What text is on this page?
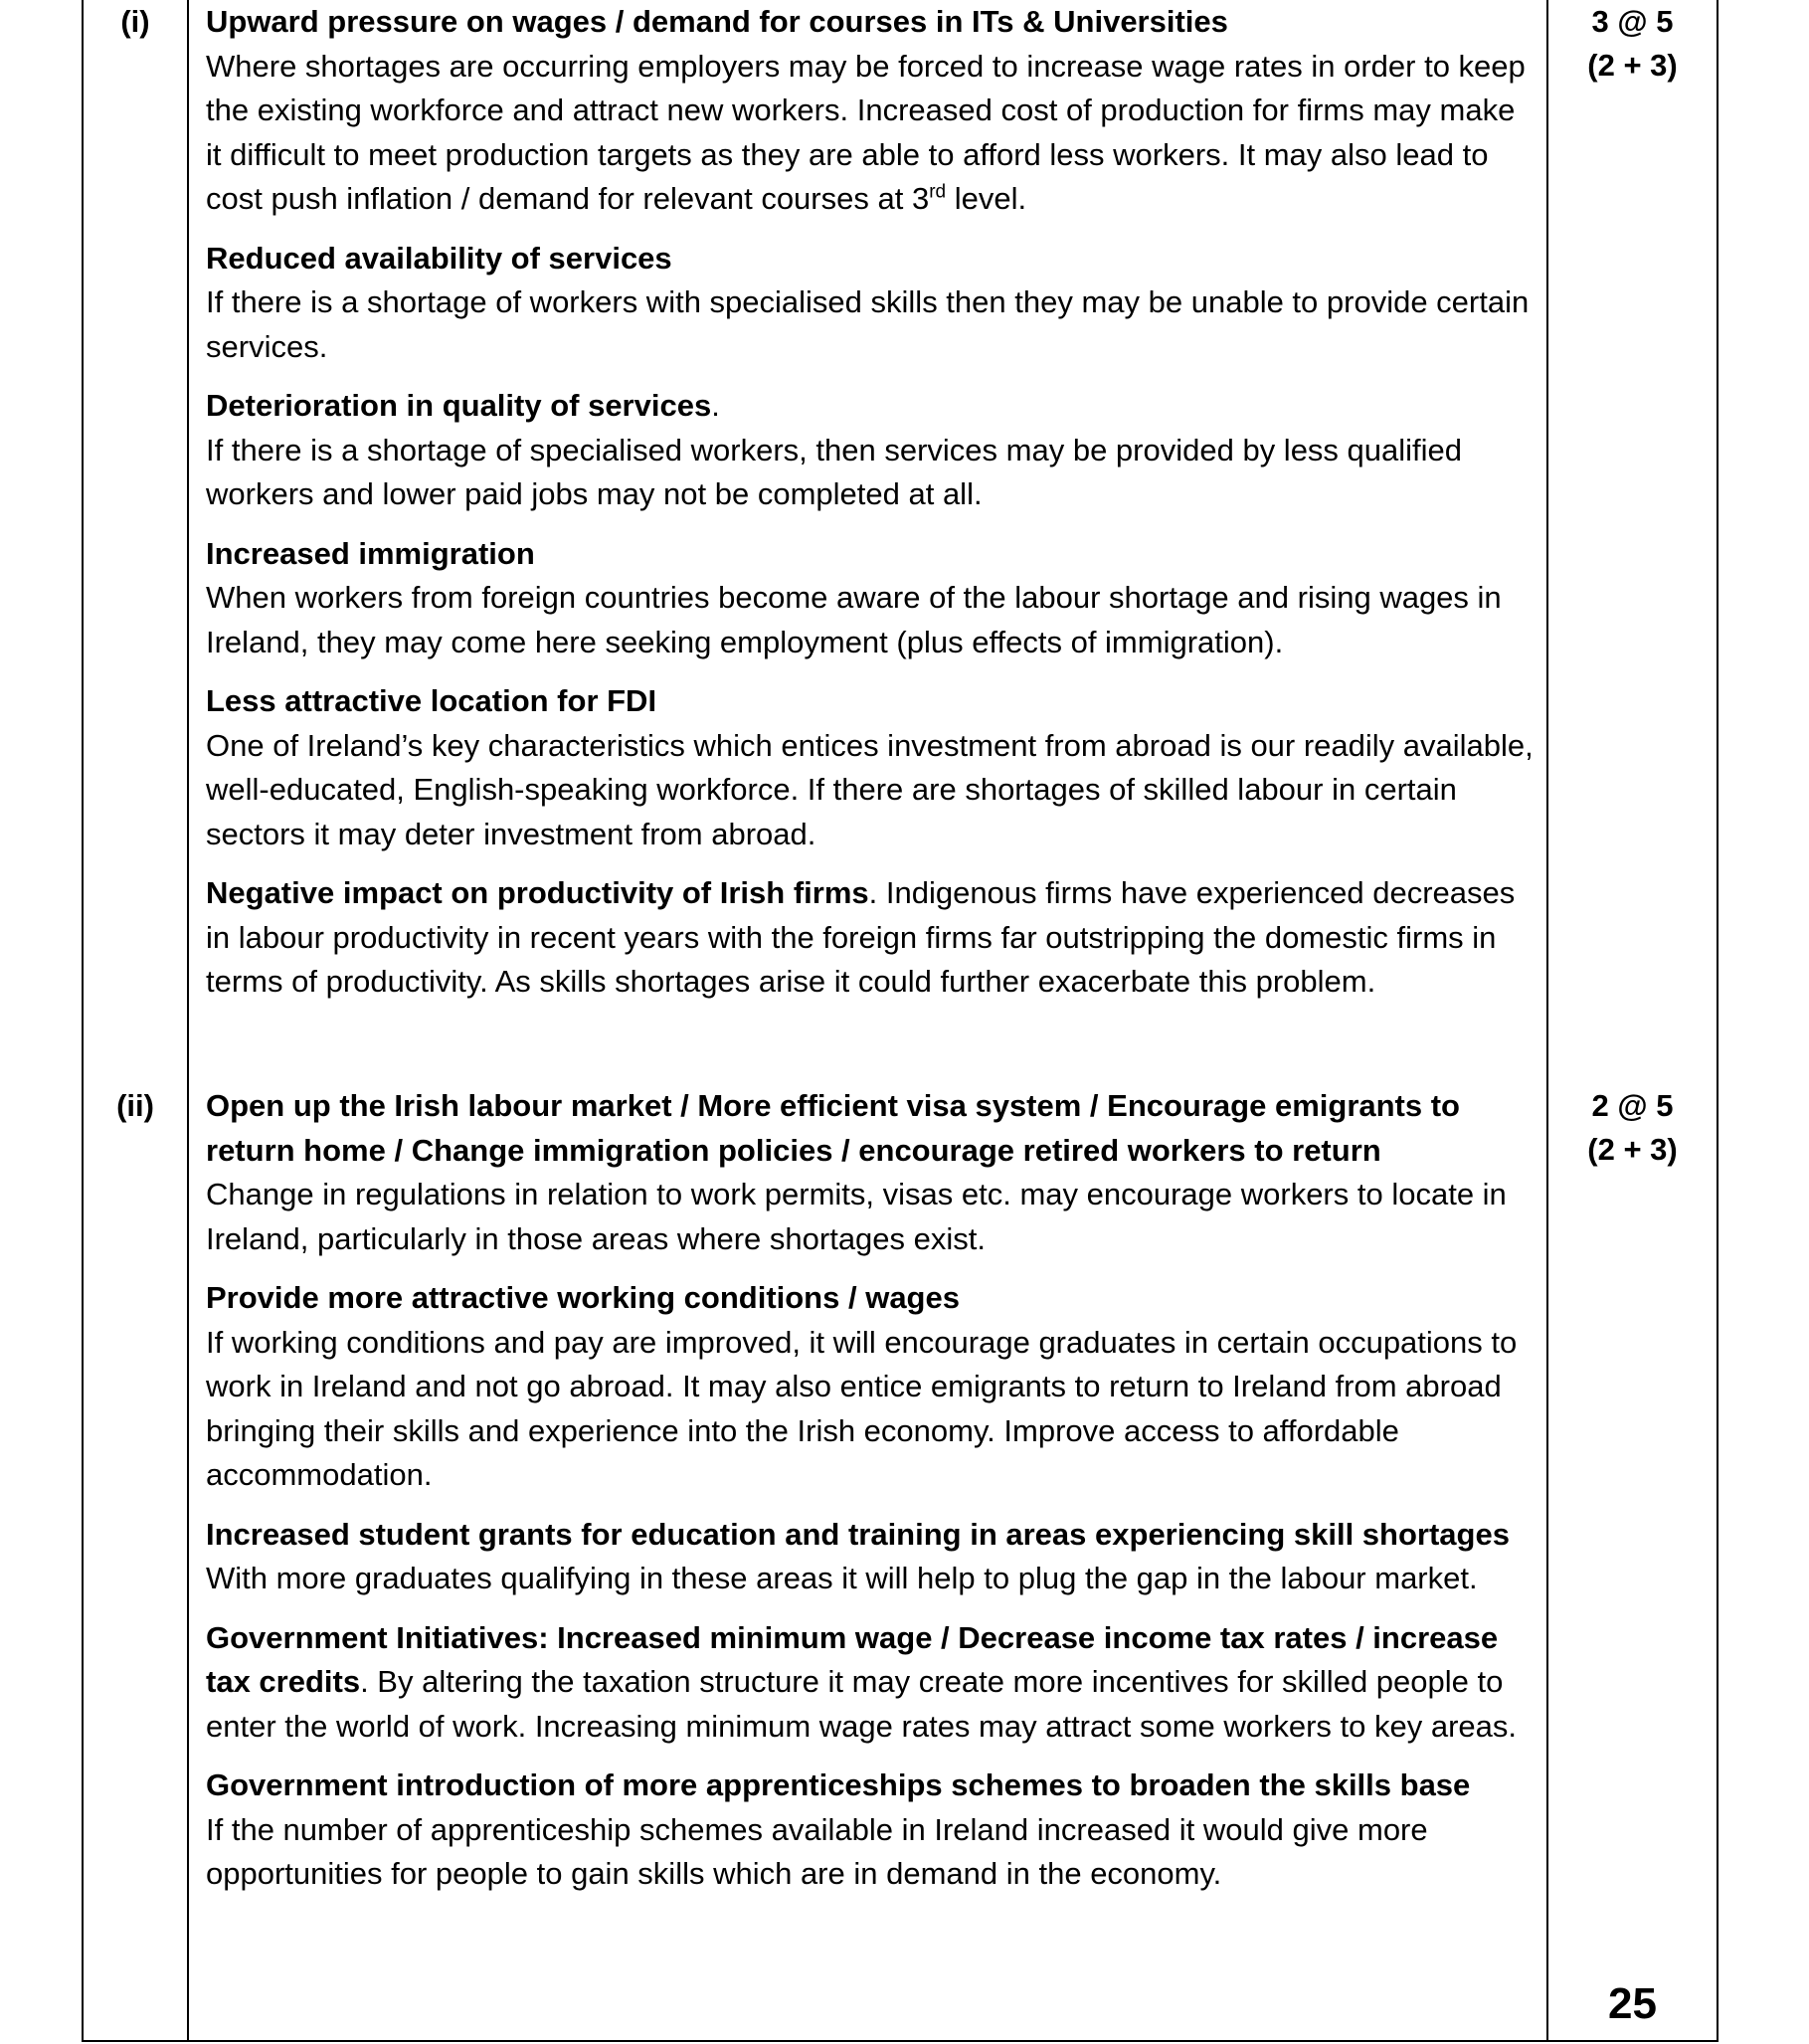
(i)	3 @ 5
(2 + 3)

Upward pressure on wages / demand for courses in ITs & Universities

Where shortages are occurring employers may be forced to increase wage rates in order to keep the existing workforce and attract new workers. Increased cost of production for firms may make it difficult to meet production targets as they are able to afford less workers. It may also lead to cost push inflation / demand for relevant courses at 3rd level.

Reduced availability of services

If there is a shortage of workers with specialised skills then they may be unable to provide certain services.

Deterioration in quality of services.

If there is a shortage of specialised workers, then services may be provided by less qualified workers and lower paid jobs may not be completed at all.

Increased immigration

When workers from foreign countries become aware of the labour shortage and rising wages in Ireland, they may come here seeking employment (plus effects of immigration).

Less attractive location for FDI

One of Ireland’s key characteristics which entices investment from abroad is our readily available, well-educated, English-speaking workforce. If there are shortages of skilled labour in certain sectors it may deter investment from abroad.

Negative impact on productivity of Irish firms. Indigenous firms have experienced decreases in labour productivity in recent years with the foreign firms far outstripping the domestic firms in terms of productivity. As skills shortages arise it could further exacerbate this problem.

(ii)	2 @ 5
(2 + 3)

Open up the Irish labour market / More efficient visa system / Encourage emigrants to return home / Change immigration policies / encourage retired workers to return

Change in regulations in relation to work permits, visas etc. may encourage workers to locate in Ireland, particularly in those areas where shortages exist.

Provide more attractive working conditions / wages

If working conditions and pay are improved, it will encourage graduates in certain occupations to work in Ireland and not go abroad. It may also entice emigrants to return to Ireland from abroad bringing their skills and experience into the Irish economy. Improve access to affordable accommodation.

Increased student grants for education and training in areas experiencing skill shortages

With more graduates qualifying in these areas it will help to plug the gap in the labour market.

Government Initiatives: Increased minimum wage / Decrease income tax rates / increase tax credits. By altering the taxation structure it may create more incentives for skilled people to enter the world of work. Increasing minimum wage rates may attract some workers to key areas.

Government introduction of more apprenticeships schemes to broaden the skills base

If the number of apprenticeship schemes available in Ireland increased it would give more opportunities for people to gain skills which are in demand in the economy.

25
